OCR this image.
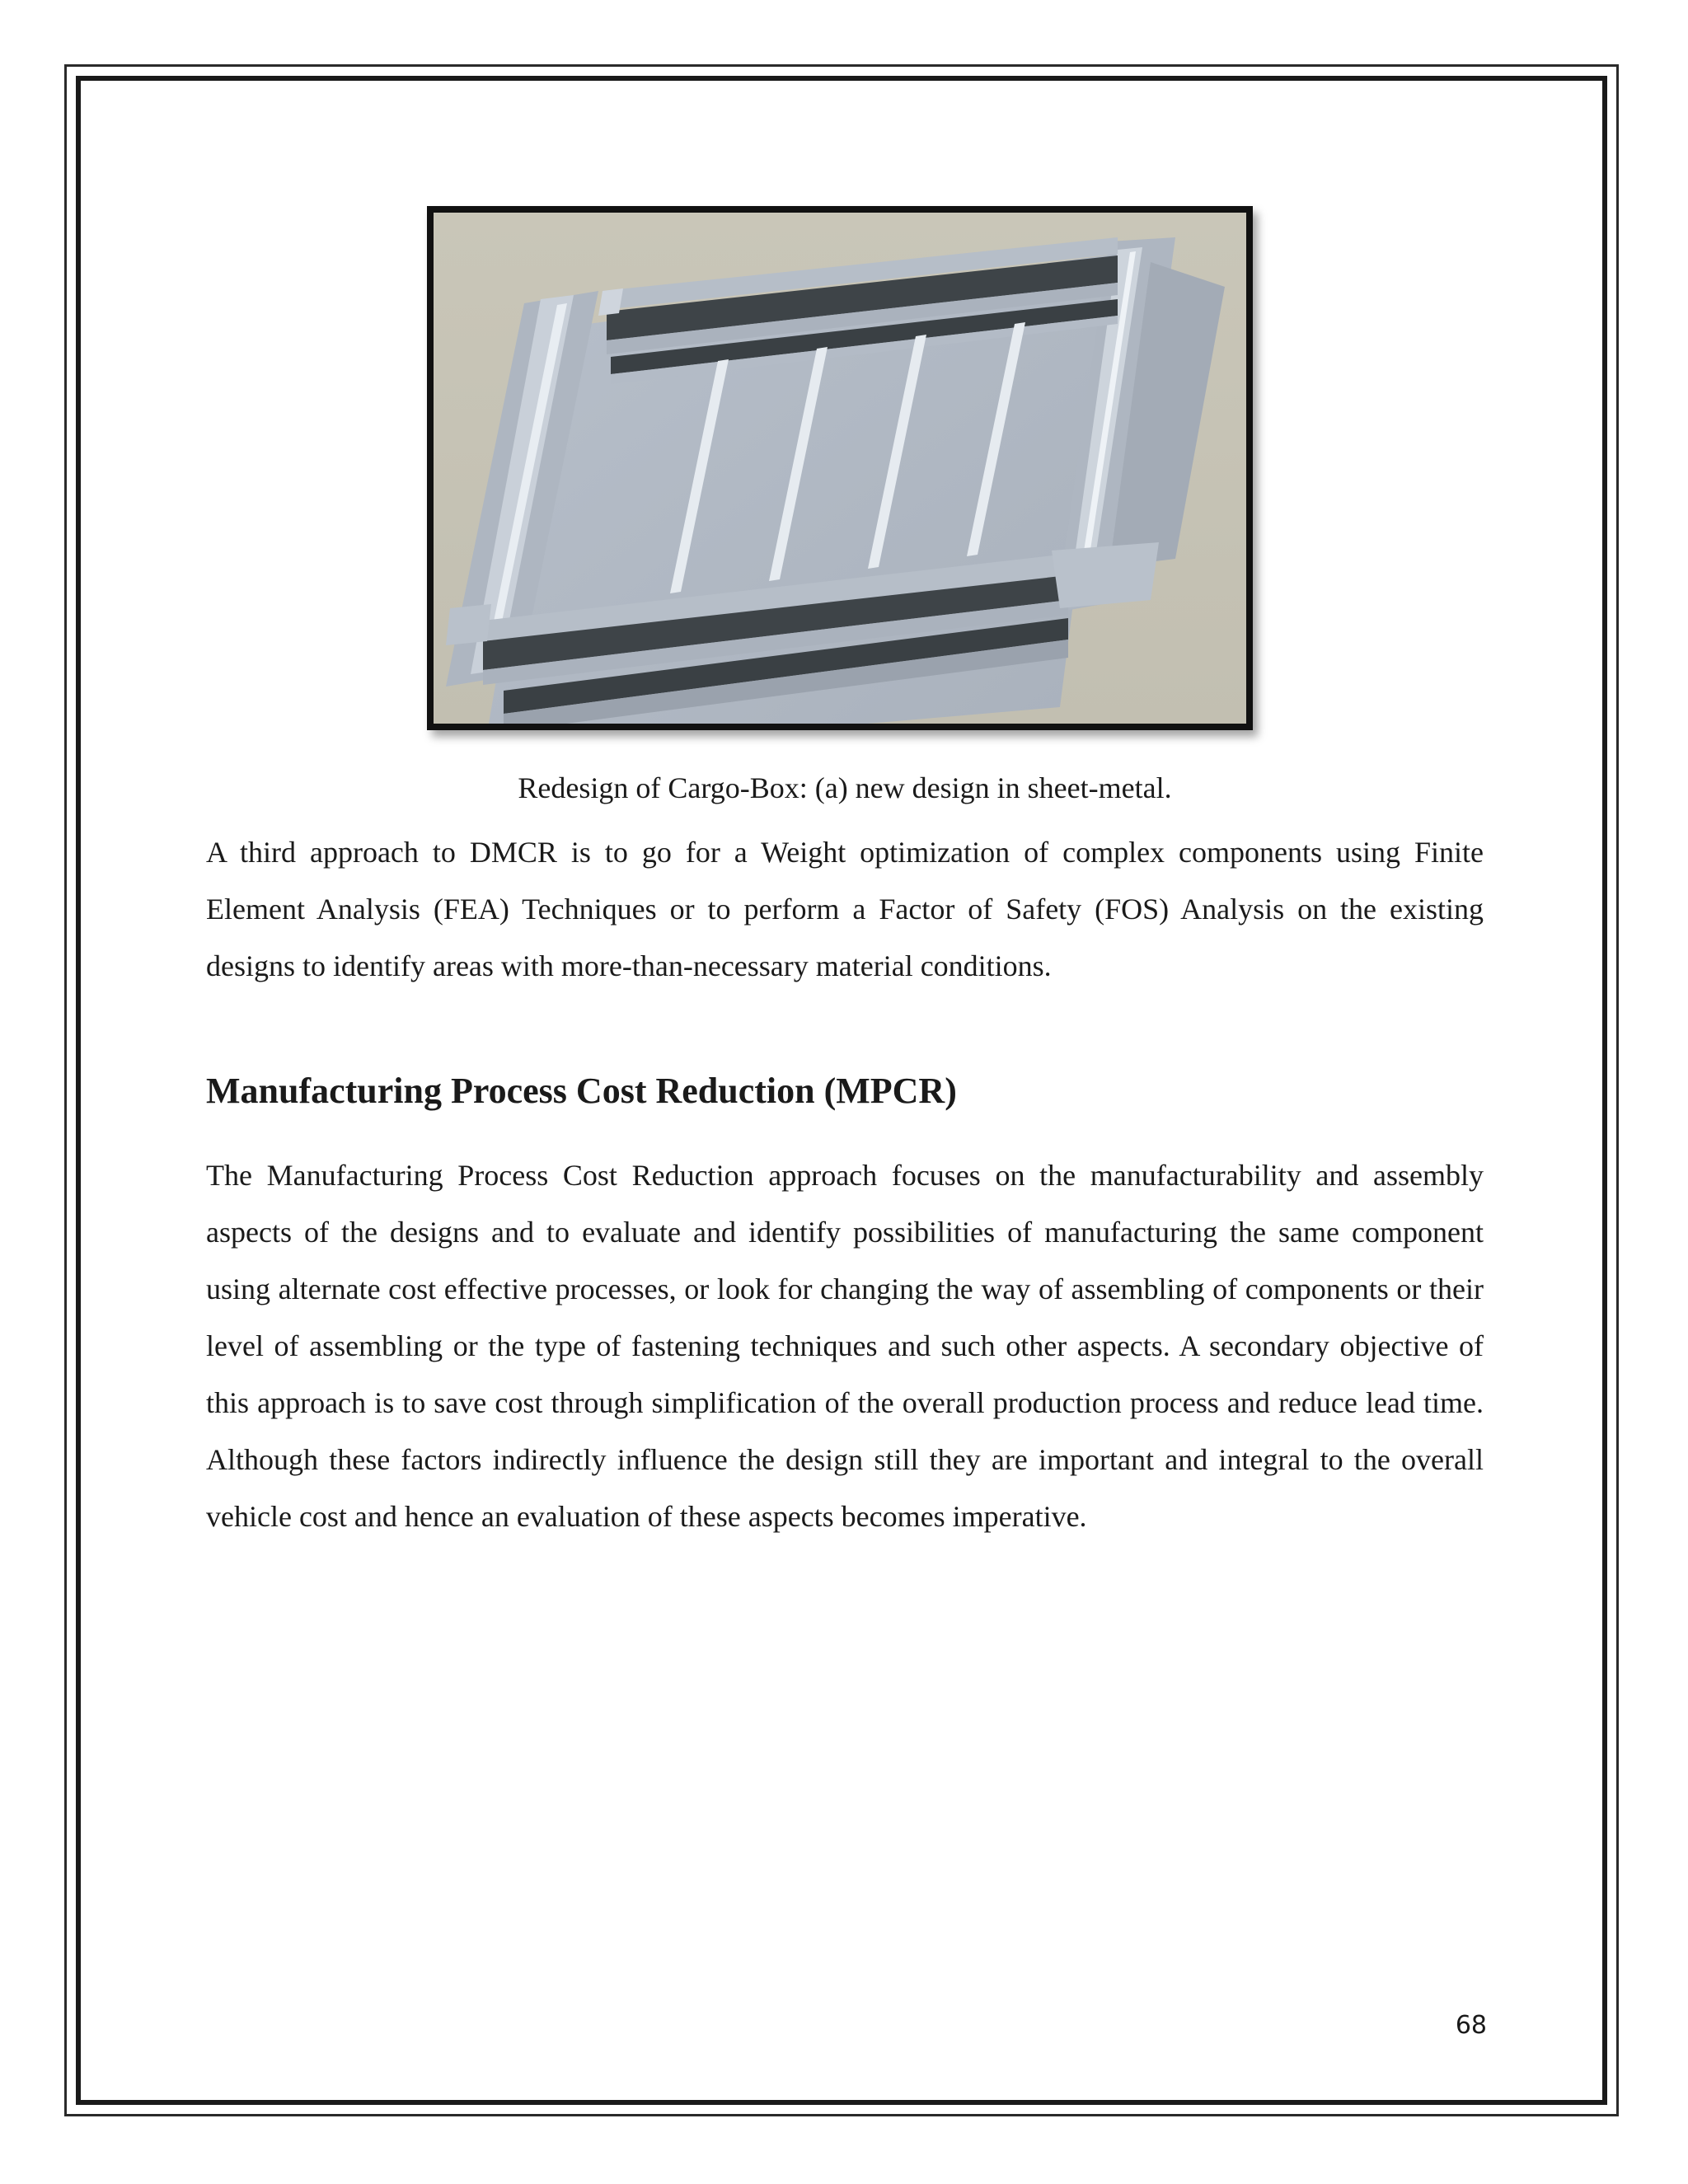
Redesign of Cargo-Box: (a) new design in sheet-metal.

A third approach to DMCR is to go for a Weight optimization of complex components using Finite Element Analysis (FEA) Techniques or to perform a Factor of Safety (FOS) Analysis on the existing designs to identify areas with more-than-necessary material conditions.

Manufacturing Process Cost Reduction (MPCR)

The Manufacturing Process Cost Reduction approach focuses on the manufacturability and assembly aspects of the designs and to evaluate and identify possibilities of manufacturing the same component using alternate cost effective processes, or look for changing the way of assembling of components or their level of assembling or the type of fastening techniques and such other aspects. A secondary objective of this approach is to save cost through simplification of the overall production process and reduce lead time. Although these factors indirectly influence the design still they are important and integral to the overall vehicle cost and hence an evaluation of these aspects becomes imperative.

68
